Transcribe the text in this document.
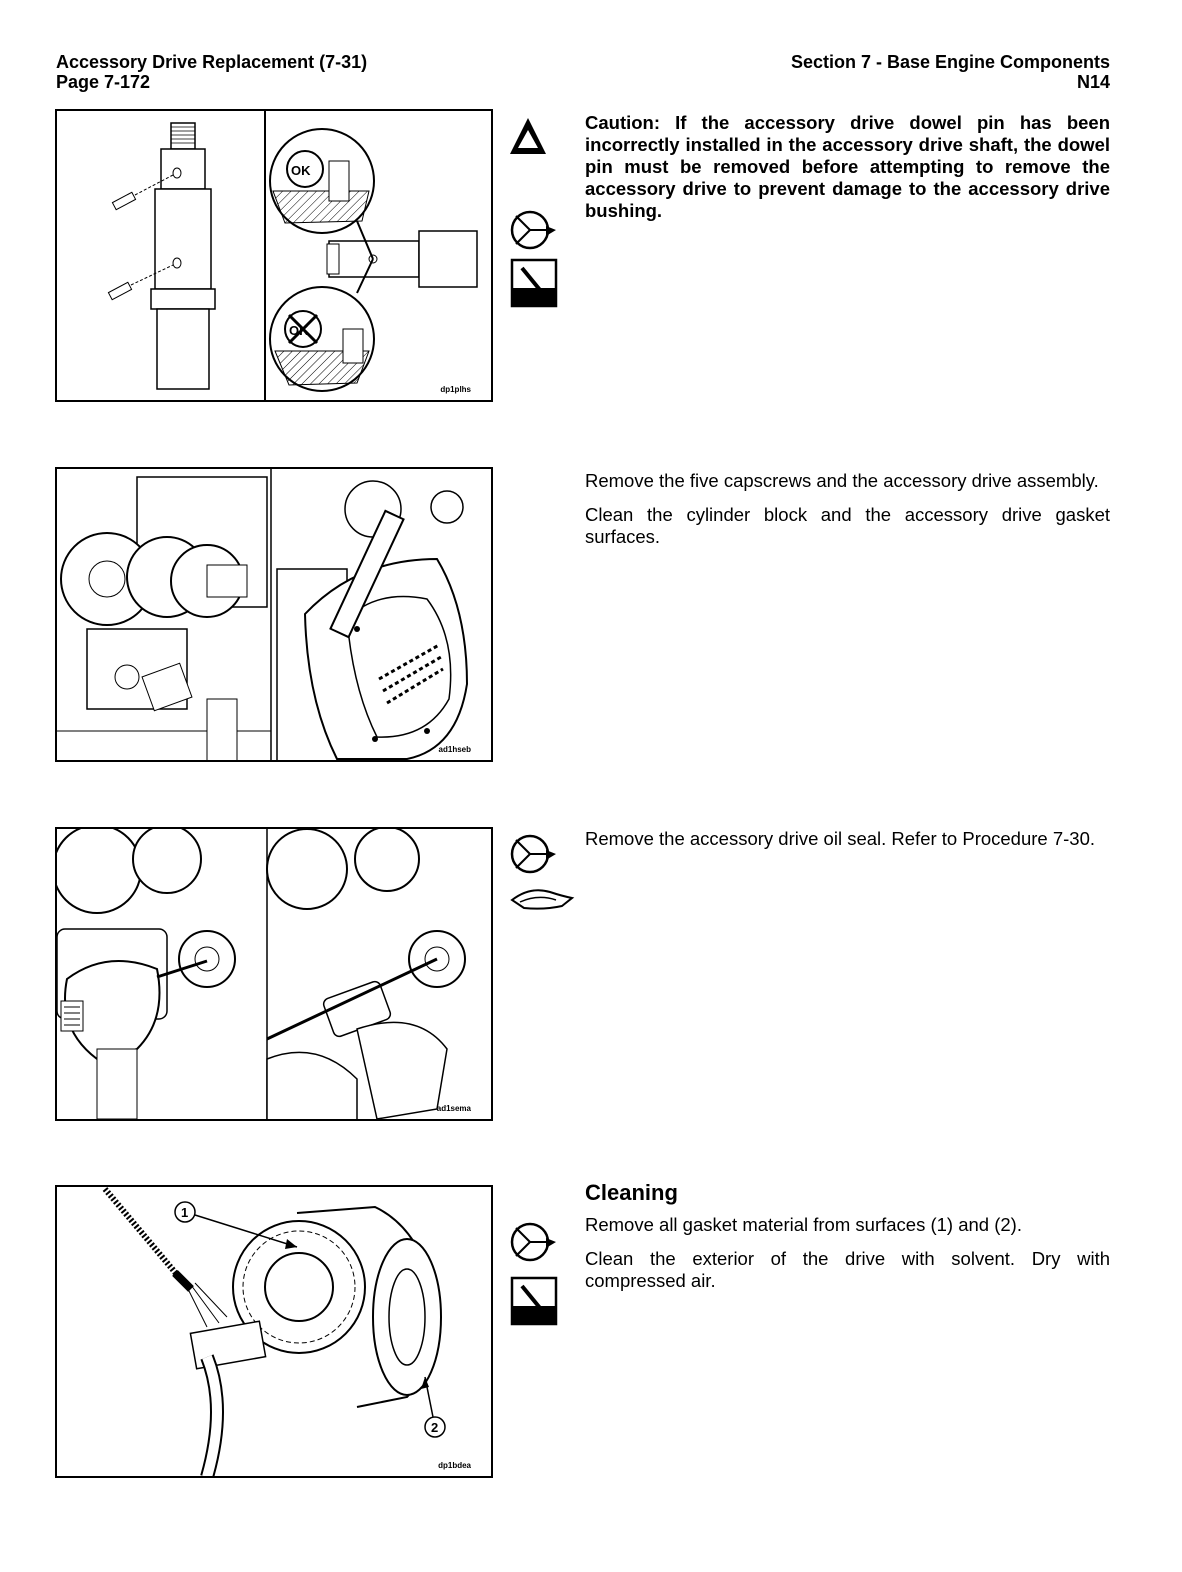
Accessory Drive Replacement (7-31)
Page 7-172
Section 7 - Base Engine Components
N14
OK
OK
dp1plhs
ad1hseb
ad1sema
1
2
dp1bdea

Caution: If the accessory drive dowel pin has been incorrectly installed in the accessory drive shaft, the dowel pin must be removed before attempting to remove the accessory drive to prevent damage to the accessory drive bushing.

Remove the five capscrews and the accessory drive assembly.

Clean the cylinder block and the accessory drive gasket surfaces.

Remove the accessory drive oil seal. Refer to Procedure 7-30.

Cleaning

Remove all gasket material from surfaces (1) and (2).

Clean the exterior of the drive with solvent. Dry with compressed air.
